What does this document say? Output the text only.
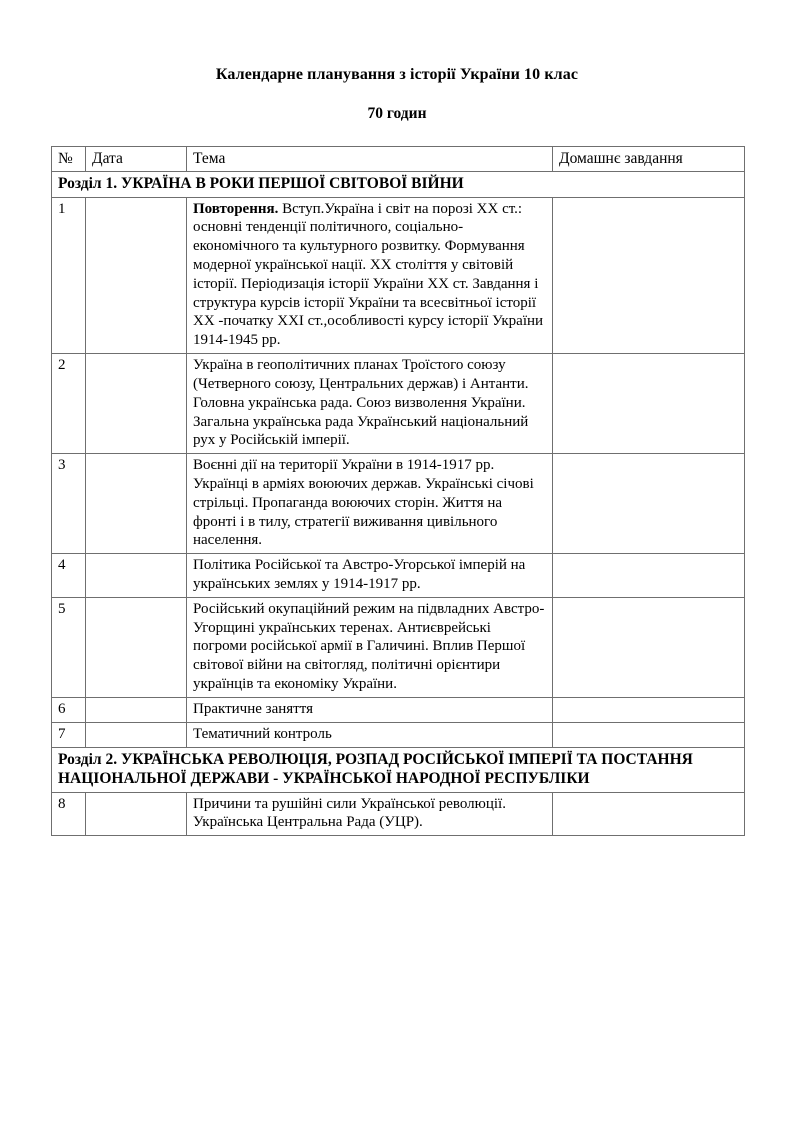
Календарне планування з історії України 10 клас
70 годин
№	Дата	Тема	Домашнє завдання
Розділ 1. УКРАЇНА В РОКИ ПЕРШОЇ СВІТОВОЇ ВІЙНИ			
1		Повторення. Вступ.Україна і світ на порозі ХХ ст.: основні тенденції політичного, соціально-економічного та культурного розвитку. Формування модерної української нації. ХХ століття у світовій історії. Періодизація історії України ХХ ст. Завдання і структура курсів історії України та всесвітньої історії ХХ -початку ХХI ст.,особливості курсу історії України 1914-1945 рр.	
2		Україна в геополітичних планах Троїстого союзу (Четверного союзу, Центральних держав) і Антанти. Головна українська рада. Союз визволення України. Загальна українська рада Український національний рух у Російській імперії.	
3		Воєнні дії на території України в 1914-1917 рр. Українці в арміях воюючих держав. Українські січові стрільці. Пропаганда воюючих сторін. Життя на фронті і в тилу, стратегії виживання цивільного населення.	
4		Політика Російської та Австро-Угорської імперій на українських землях у 1914-1917 рр.	
5		Російський окупаційний режим на підвладних Австро-Угорщині українських теренах. Антиєврейські погроми російської армії в Галичині. Вплив Першої світової війни на світогляд, політичні орієнтири українців та економіку України.	
6		Практичне заняття	
7		Тематичний контроль	
Розділ 2. УКРАЇНСЬКА РЕВОЛЮЦІЯ, РОЗПАД РОСІЙСЬКОЇ ІМПЕРІЇ ТА ПОСТАННЯ НАЦІОНАЛЬНОЇ ДЕРЖАВИ - УКРАЇНСЬКОЇ НАРОДНОЇ РЕСПУБЛІКИ			
8		Причини та рушійні сили Української революції. Українська Центральна Рада (УЦР).	
